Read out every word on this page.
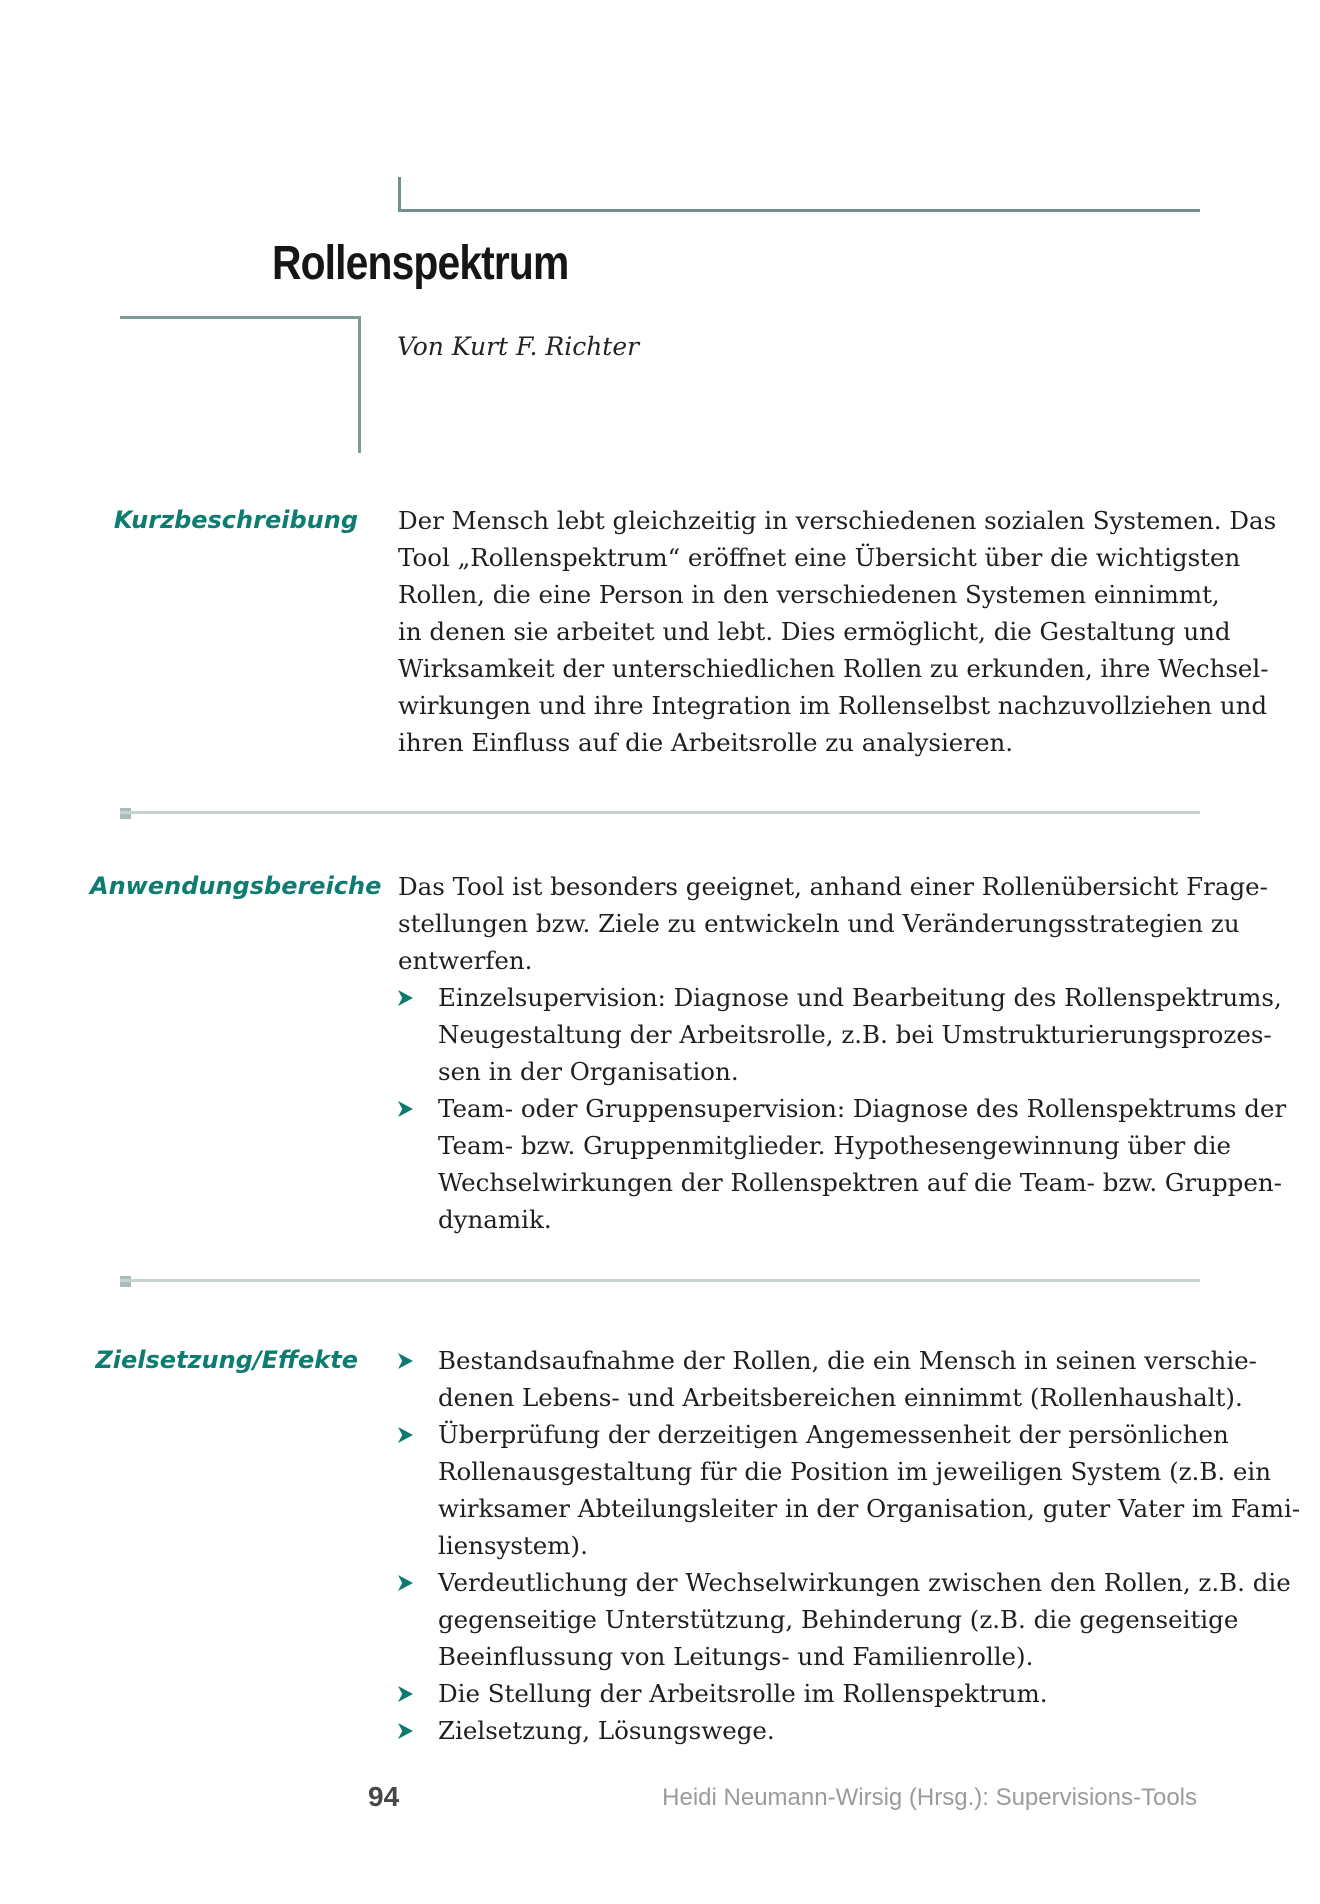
Rollenspektrum
Von Kurt F. Richter
Kurzbeschreibung Der Mensch lebt gleichzeitig in verschiedenen sozialen Systemen. Das
Tool „Rollenspektrum“ eröffnet eine Übersicht über die wichtigsten
Rollen, die eine Person in den verschiedenen Systemen einnimmt,
in denen sie arbeitet und lebt. Dies ermöglicht, die Gestaltung und
Wirksamkeit der unterschiedlichen Rollen zu erkunden, ihre Wechsel-
wirkungen und ihre Integration im Rollenselbst nachzuvollziehen und
ihren Einfluss auf die Arbeitsrolle zu analysieren.
Anwendungsbereiche Das Tool ist besonders geeignet, anhand einer Rollenübersicht Frage-
stellungen bzw. Ziele zu entwickeln und Veränderungsstrategien zu
entwerfen.
Einzelsupervision: Diagnose und Bearbeitung des Rollenspektrums,
Neugestaltung der Arbeitsrolle, z.B. bei Umstrukturierungsprozes-
sen in der Organisation.
Team- oder Gruppensupervision: Diagnose des Rollenspektrums der
Team- bzw. Gruppenmitglieder. Hypothesengewinnung über die
Wechselwirkungen der Rollenspektren auf die Team- bzw. Gruppen-
dynamik.
Zielsetzung/Effekte	Bestandsaufnahme der Rollen, die ein Mensch in seinen verschie-
denen Lebens- und Arbeitsbereichen einnimmt (Rollenhaushalt).
Überprüfung der derzeitigen Angemessenheit der persönlichen
Rollenausgestaltung für die Position im jeweiligen System (z.B. ein
wirksamer Abteilungsleiter in der Organisation, guter Vater im Fami-
liensystem).
Verdeutlichung der Wechselwirkungen zwischen den Rollen, z.B. die
gegenseitige Unterstützung, Behinderung (z.B. die gegenseitige
Beeinflussung von Leitungs- und Familienrolle).
Die Stellung der Arbeitsrolle im Rollenspektrum.
Zielsetzung, Lösungswege.
94	Heidi Neumann-Wirsig (Hrsg.): Supervisions-Tools
